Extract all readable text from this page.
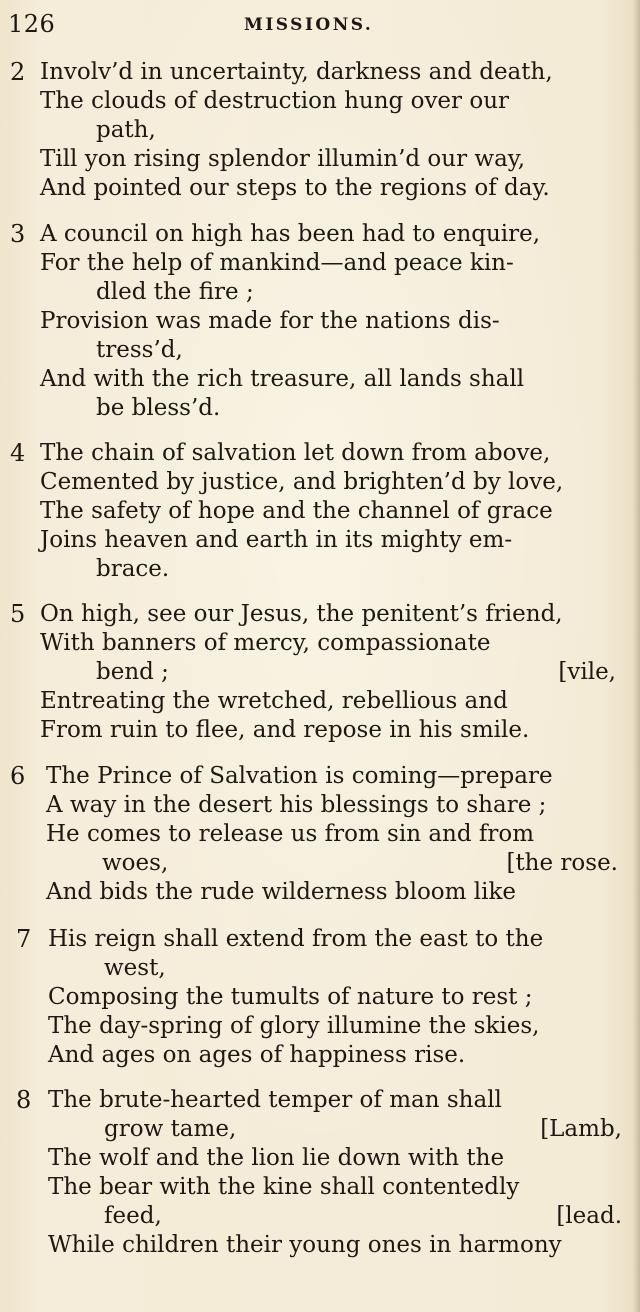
126	MISSIONS.
2 Involv’d in uncertainty, darkness and death,
The clouds of destruction hung over our
path,
Till yon rising splendor illumin’d our way,
And pointed our steps to the regions of day.
3 A council on high has been had to enquire,
For the help of mankind—and peace kin-
dled the fire ;
Provision was made for the nations dis-
tress’d,
And with the rich treasure, all lands shall
be bless’d.
4 The chain of salvation let down from above,
Cemented by justice, and brighten’d by love,
The safety of hope and the channel of grace
Joins heaven and earth in its mighty em-
brace.
5 On high, see our Jesus, the penitent’s friend,
With banners of mercy, compassionate
bend ;	[vile,
Entreating the wretched, rebellious and
From ruin to flee, and repose in his smile.
6 The Prince of Salvation is coming—prepare
A way in the desert his blessings to share ;
He comes to release us from sin and from
woes,	[the rose.
And bids the rude wilderness bloom like
7 His reign shall extend from the east to the
west,
Composing the tumults of nature to rest ;
The day-spring of glory illumine the skies,
And ages on ages of happiness rise.
8 The brute-hearted temper of man shall
grow tame,	[Lamb,
The wolf and the lion lie down with the
The bear with the kine shall contentedly
feed,	[lead.
While children their young ones in harmony
